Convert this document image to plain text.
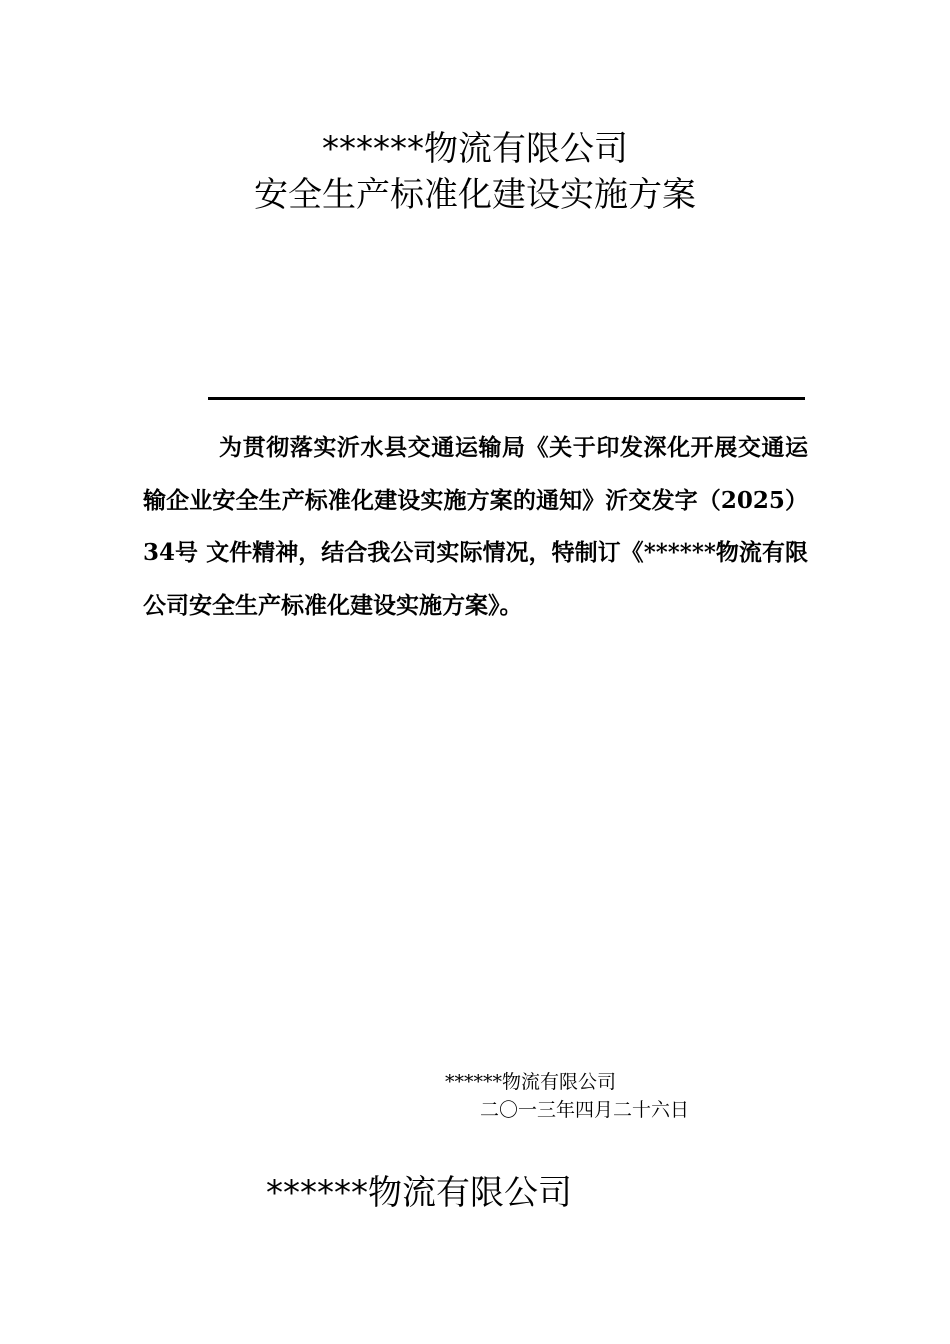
******物流有限公司
安全生产标准化建设实施方案

为贯彻落实沂水县交通运输局《关于印发深化开展交通运输企业安全生产标准化建设实施方案的通知》沂交发字（2025） 34号 文件精神，结合我公司实际情况，特制订《******物流有限公司安全生产标准化建设实施方案》。

******物流有限公司
二〇一三年四月二十六日
******物流有限公司
